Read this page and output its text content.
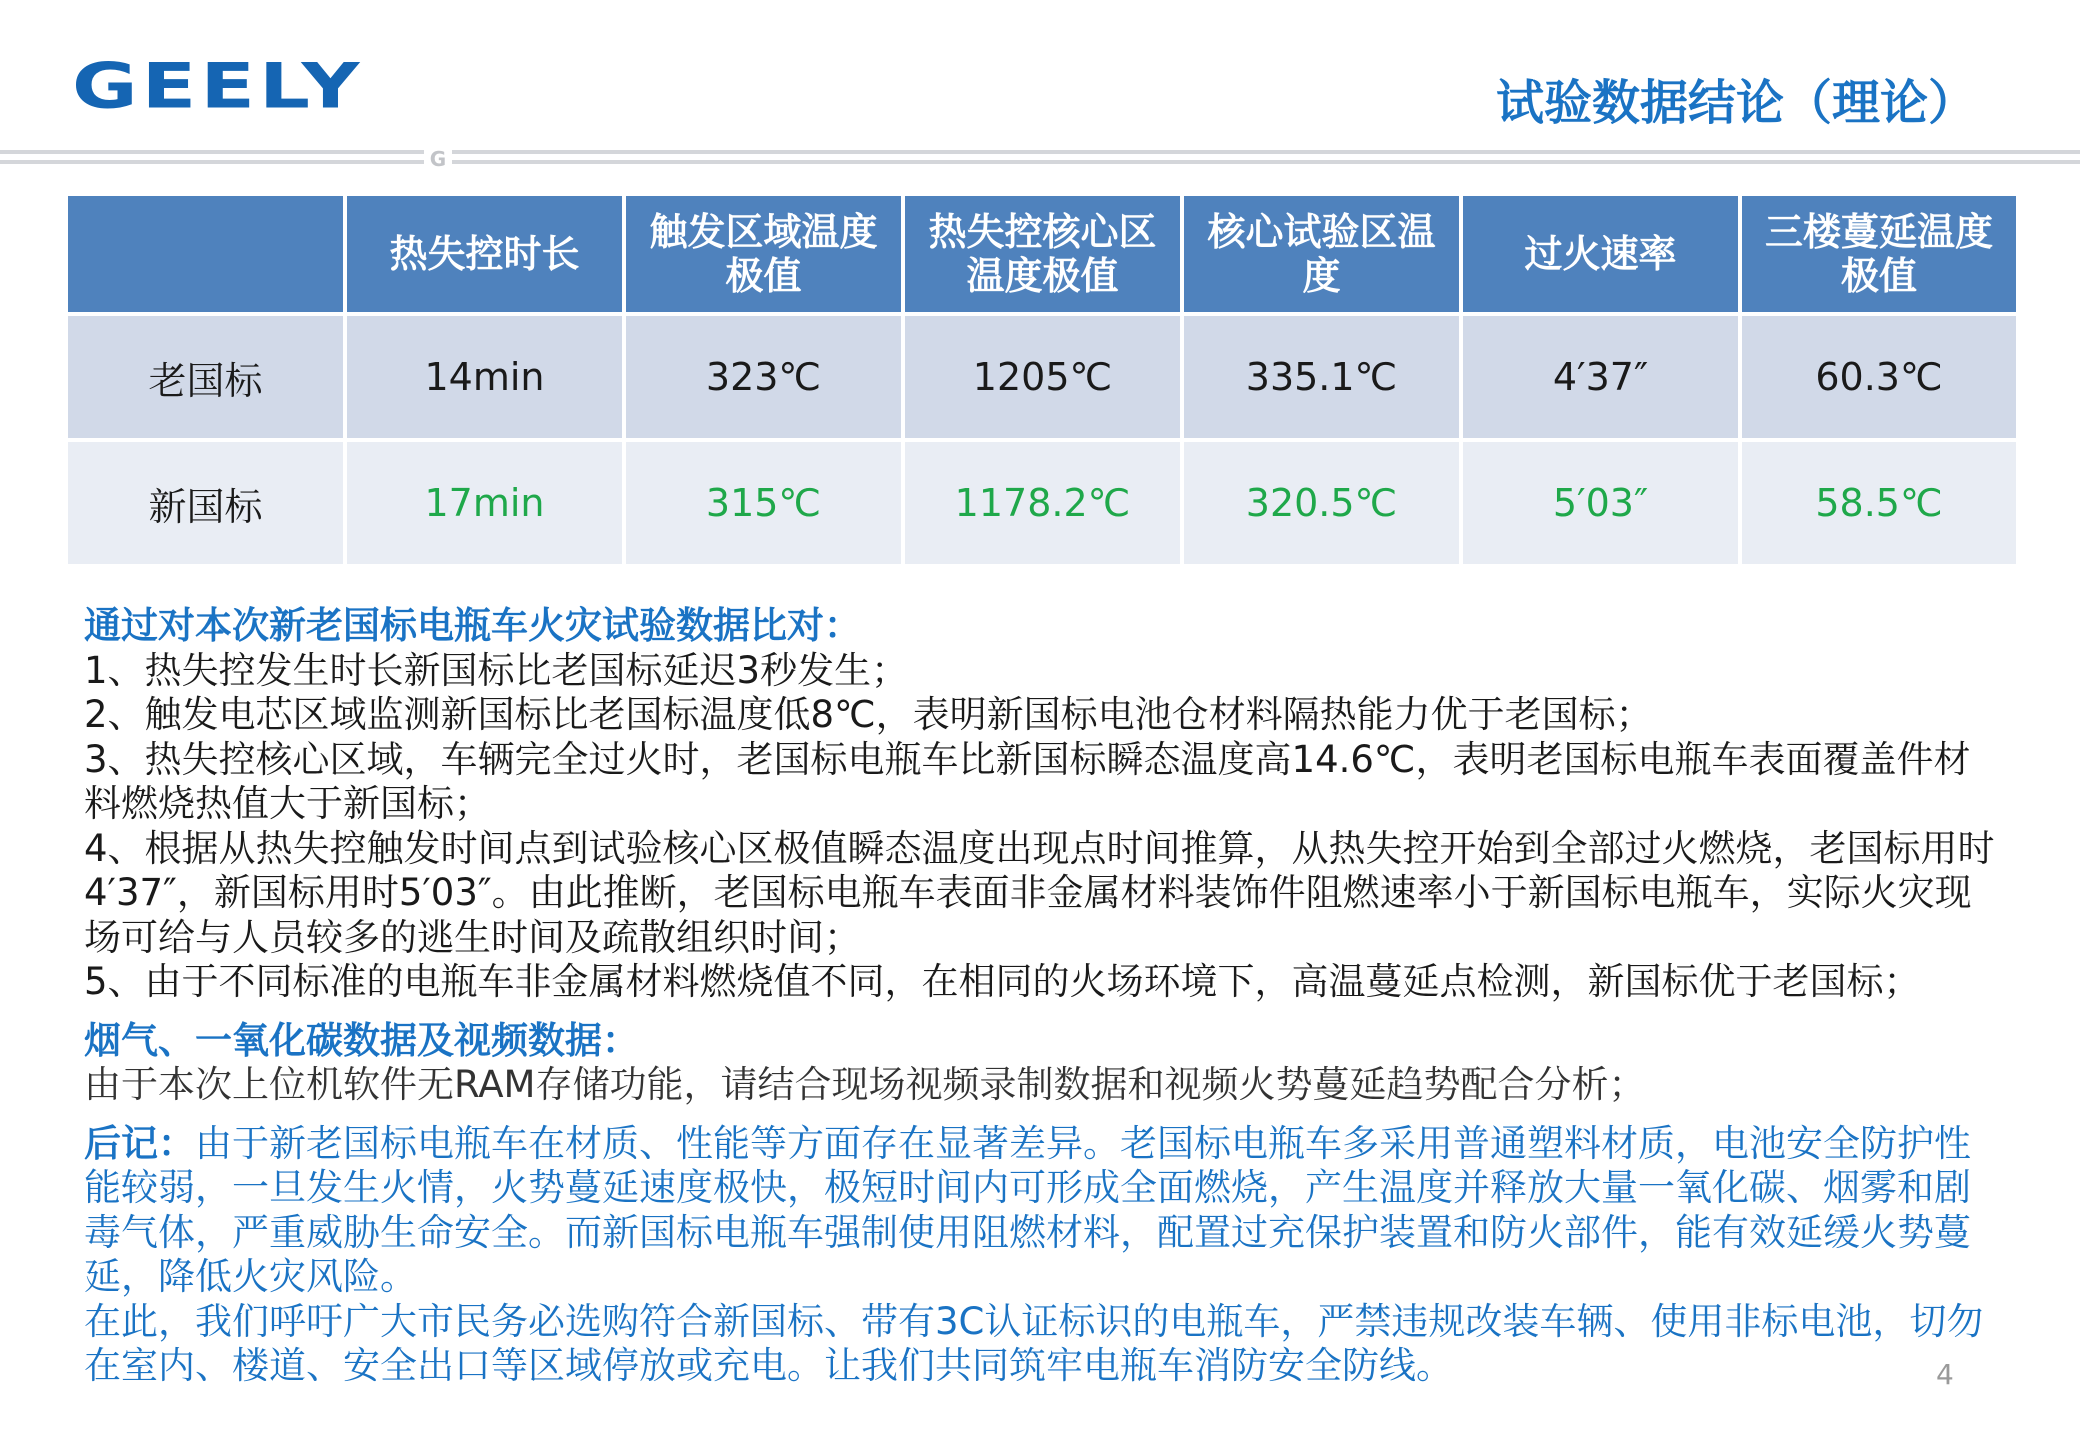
GEELY	试验数据结论（理论）
G
	热失控时长	触发区域温度极值	热失控核心区温度极值	核心试验区温度	过火速率	三楼蔓延温度极值
老国标	14min	323℃	1205℃	335.1℃	4′37″	60.3℃
新国标	17min	315℃	1178.2℃	320.5℃	5′03″	58.5℃
通过对本次新老国标电瓶车火灾试验数据比对：
1、热失控发生时长新国标比老国标延迟3秒发生；
2、触发电芯区域监测新国标比老国标温度低8℃，表明新国标电池仓材料隔热能力优于老国标；
3、热失控核心区域，车辆完全过火时，老国标电瓶车比新国标瞬态温度高14.6℃，表明老国标电瓶车表面覆盖件材料燃烧热值大于新国标；
4、根据从热失控触发时间点到试验核心区极值瞬态温度出现点时间推算，从热失控开始到全部过火燃烧，老国标用时4′37″，新国标用时5′03″。由此推断，老国标电瓶车表面非金属材料装饰件阻燃速率小于新国标电瓶车，实际火灾现场可给与人员较多的逃生时间及疏散组织时间；
5、由于不同标准的电瓶车非金属材料燃烧值不同，在相同的火场环境下，高温蔓延点检测，新国标优于老国标；
烟气、一氧化碳数据及视频数据：
由于本次上位机软件无RAM存储功能，请结合现场视频录制数据和视频火势蔓延趋势配合分析；
后记：由于新老国标电瓶车在材质、性能等方面存在显著差异。老国标电瓶车多采用普通塑料材质，电池安全防护性能较弱，一旦发生火情，火势蔓延速度极快，极短时间内可形成全面燃烧，产生温度并释放大量一氧化碳、烟雾和剧毒气体，严重威胁生命安全。而新国标电瓶车强制使用阻燃材料，配置过充保护装置和防火部件，能有效延缓火势蔓延，降低火灾风险。
在此，我们呼吁广大市民务必选购符合新国标、带有3C认证标识的电瓶车，严禁违规改装车辆、使用非标电池，切勿在室内、楼道、安全出口等区域停放或充电。让我们共同筑牢电瓶车消防安全防线。	4
